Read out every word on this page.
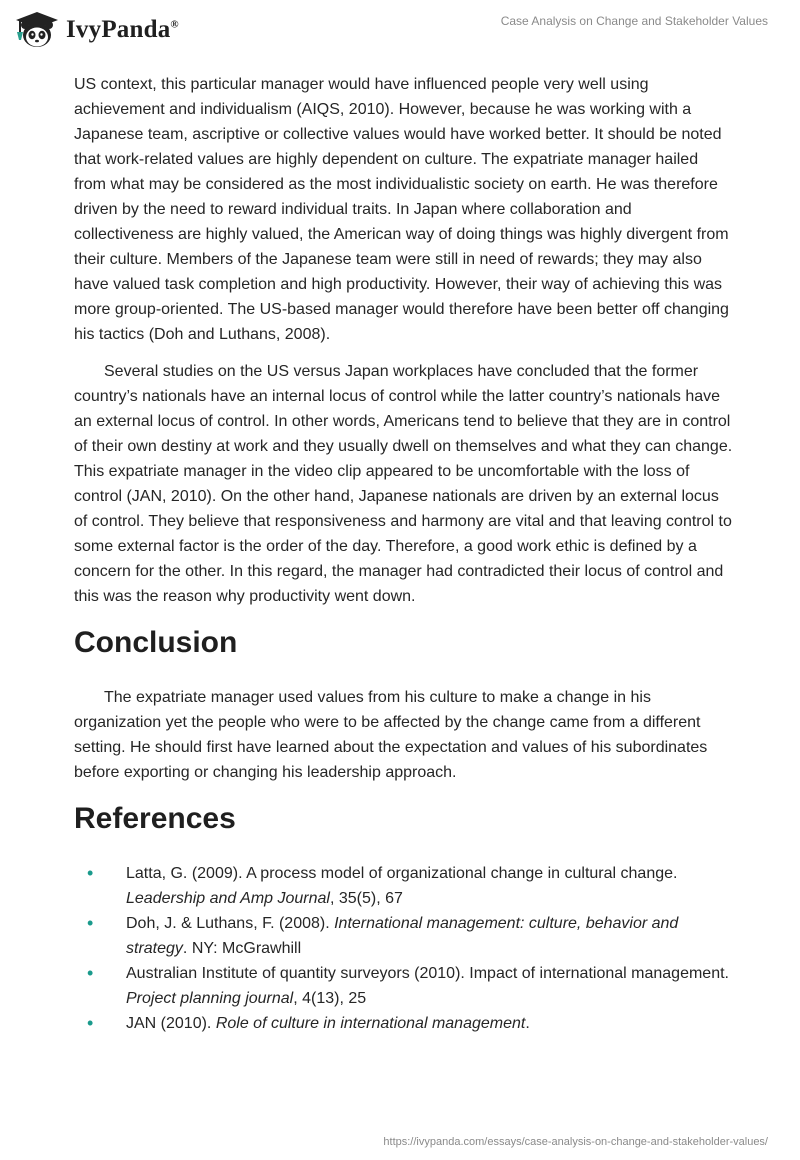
IvyPanda®	Case Analysis on Change and Stakeholder Values

US context, this particular manager would have influenced people very well using achievement and individualism (AIQS, 2010). However, because he was working with a Japanese team, ascriptive or collective values would have worked better. It should be noted that work-related values are highly dependent on culture. The expatriate manager hailed from what may be considered as the most individualistic society on earth. He was therefore driven by the need to reward individual traits. In Japan where collaboration and collectiveness are highly valued, the American way of doing things was highly divergent from their culture. Members of the Japanese team were still in need of rewards; they may also have valued task completion and high productivity. However, their way of achieving this was more group-oriented. The US-based manager would therefore have been better off changing his tactics (Doh and Luthans, 2008).

Several studies on the US versus Japan workplaces have concluded that the former country’s nationals have an internal locus of control while the latter country’s nationals have an external locus of control. In other words, Americans tend to believe that they are in control of their own destiny at work and they usually dwell on themselves and what they can change. This expatriate manager in the video clip appeared to be uncomfortable with the loss of control (JAN, 2010). On the other hand, Japanese nationals are driven by an external locus of control. They believe that responsiveness and harmony are vital and that leaving control to some external factor is the order of the day. Therefore, a good work ethic is defined by a concern for the other. In this regard, the manager had contradicted their locus of control and this was the reason why productivity went down.

Conclusion

The expatriate manager used values from his culture to make a change in his organization yet the people who were to be affected by the change came from a different setting. He should first have learned about the expectation and values of his subordinates before exporting or changing his leadership approach.

References
• Latta, G. (2009). A process model of organizational change in cultural change. Leadership and Amp Journal, 35(5), 67
• Doh, J. & Luthans, F. (2008). International management: culture, behavior and strategy. NY: McGrawhill
• Australian Institute of quantity surveyors (2010). Impact of international management. Project planning journal, 4(13), 25
• JAN (2010). Role of culture in international management.
https://ivypanda.com/essays/case-analysis-on-change-and-stakeholder-values/
